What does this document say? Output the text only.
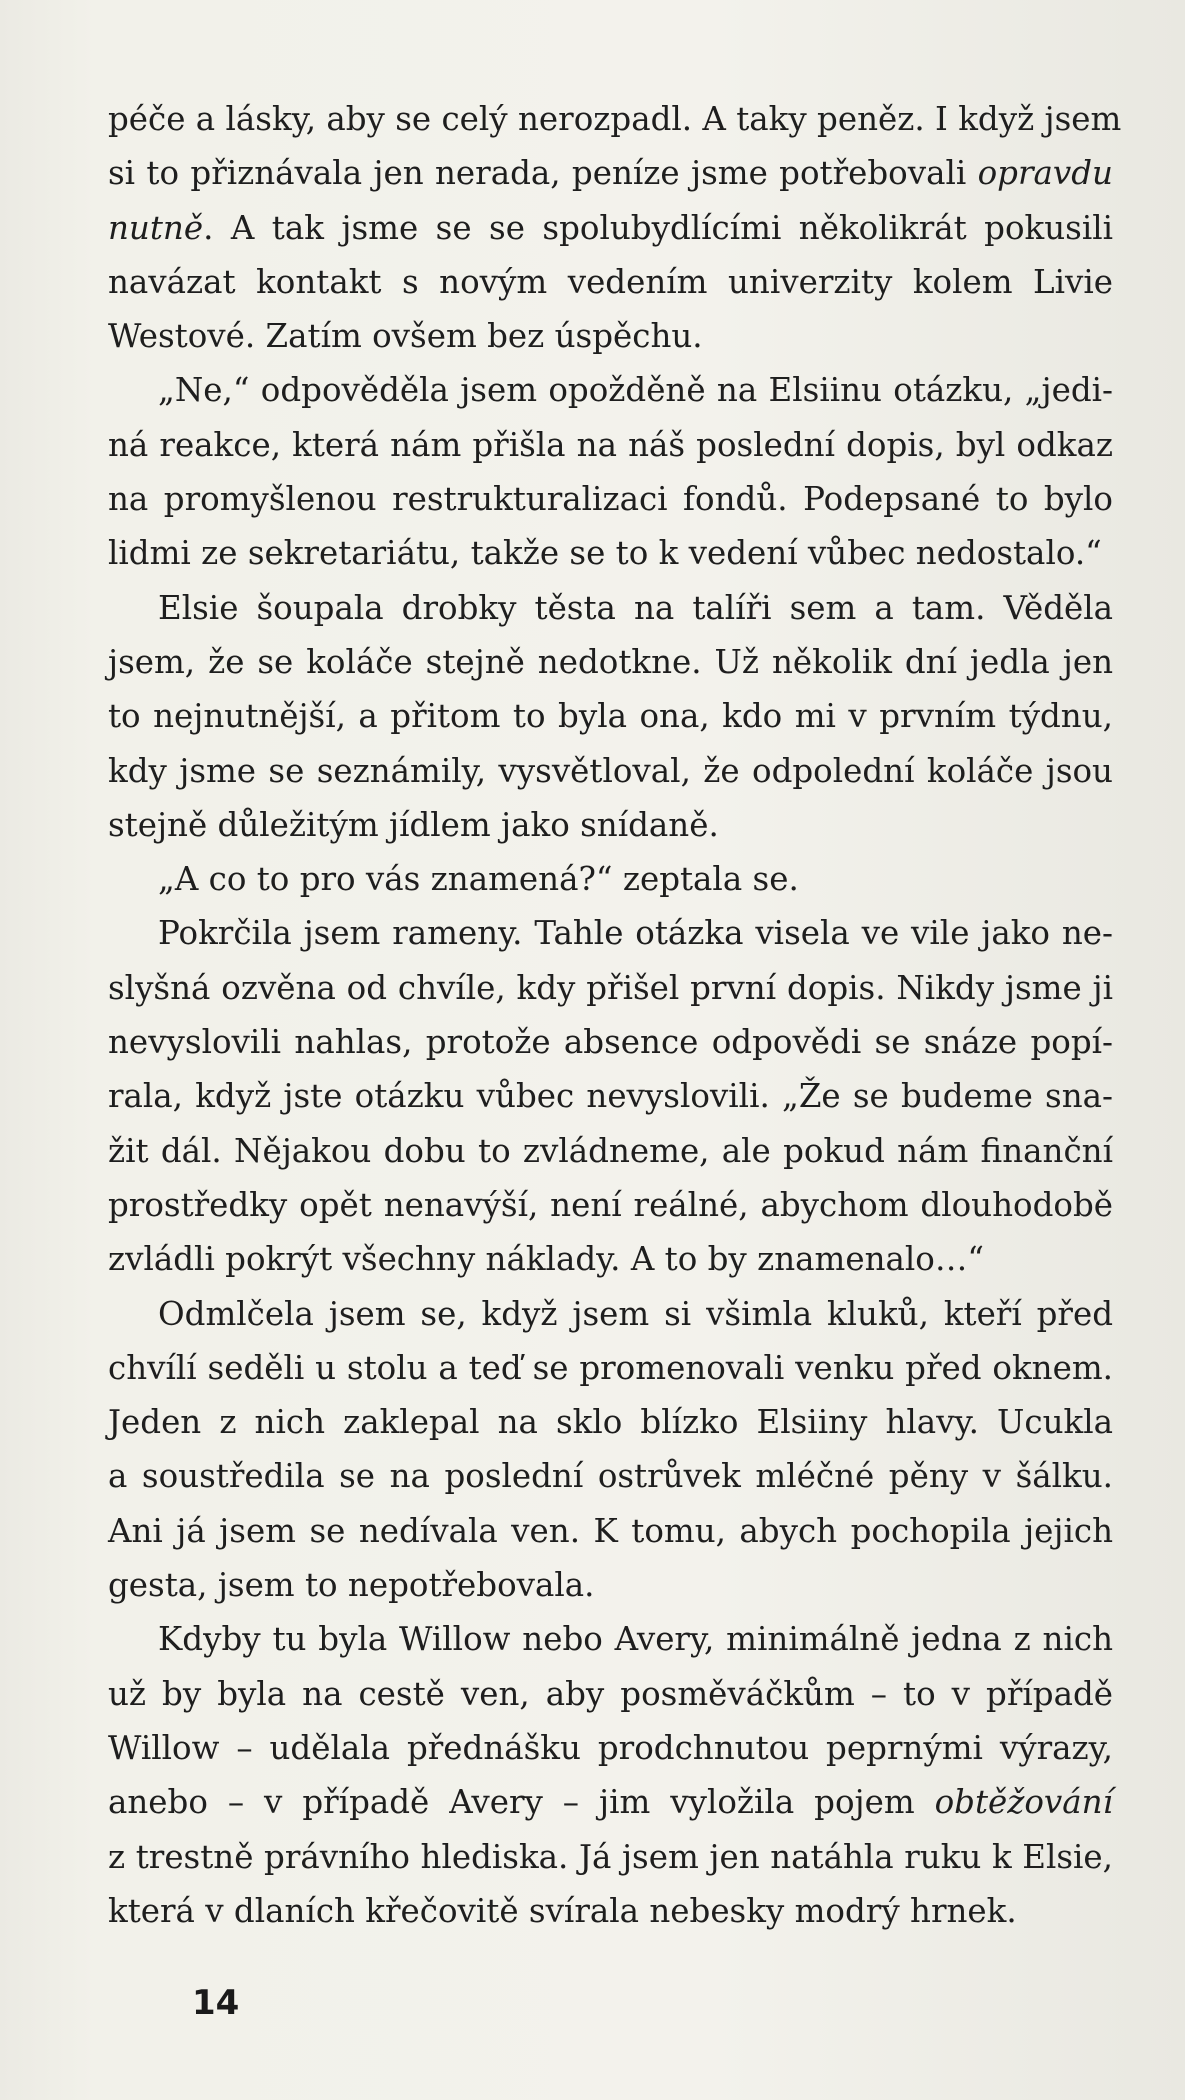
péče a lásky, aby se celý nerozpadl. A taky peněz. I když jsem
si to přiznávala jen nerada, peníze jsme potřebovali opravdu
nutně. A tak jsme se se spolubydlícími několikrát pokusili
navázat kontakt s novým vedením univerzity kolem Livie
Westové. Zatím ovšem bez úspěchu.
„Ne,“ odpověděla jsem opožděně na Elsiinu otázku, „jedi-
ná reakce, která nám přišla na náš poslední dopis, byl odkaz
na promyšlenou restrukturalizaci fondů. Podepsané to bylo
lidmi ze sekretariátu, takže se to k vedení vůbec nedostalo.“
Elsie šoupala drobky těsta na talíři sem a tam. Věděla
jsem, že se koláče stejně nedotkne. Už několik dní jedla jen
to nejnutnější, a přitom to byla ona, kdo mi v prvním týdnu,
kdy jsme se seznámily, vysvětloval, že odpolední koláče jsou
stejně důležitým jídlem jako snídaně.
„A co to pro vás znamená?“ zeptala se.
Pokrčila jsem rameny. Tahle otázka visela ve vile jako ne-
slyšná ozvěna od chvíle, kdy přišel první dopis. Nikdy jsme ji
nevyslovili nahlas, protože absence odpovědi se snáze popí-
rala, když jste otázku vůbec nevyslovili. „Že se budeme sna-
žit dál. Nějakou dobu to zvládneme, ale pokud nám finanční
prostředky opět nenavýší, není reálné, abychom dlouhodobě
zvládli pokrýt všechny náklady. A to by znamenalo…“
Odmlčela jsem se, když jsem si všimla kluků, kteří před
chvílí seděli u stolu a teď se promenovali venku před oknem.
Jeden z nich zaklepal na sklo blízko Elsiiny hlavy. Ucukla
a soustředila se na poslední ostrůvek mléčné pěny v šálku.
Ani já jsem se nedívala ven. K tomu, abych pochopila jejich
gesta, jsem to nepotřebovala.
Kdyby tu byla Willow nebo Avery, minimálně jedna z nich
už by byla na cestě ven, aby posměváčkům – to v případě
Willow – udělala přednášku prodchnutou peprnými výrazy,
anebo – v případě Avery – jim vyložila pojem obtěžování
z trestně právního hlediska. Já jsem jen natáhla ruku k Elsie,
která v dlaních křečovitě svírala nebesky modrý hrnek.
14
